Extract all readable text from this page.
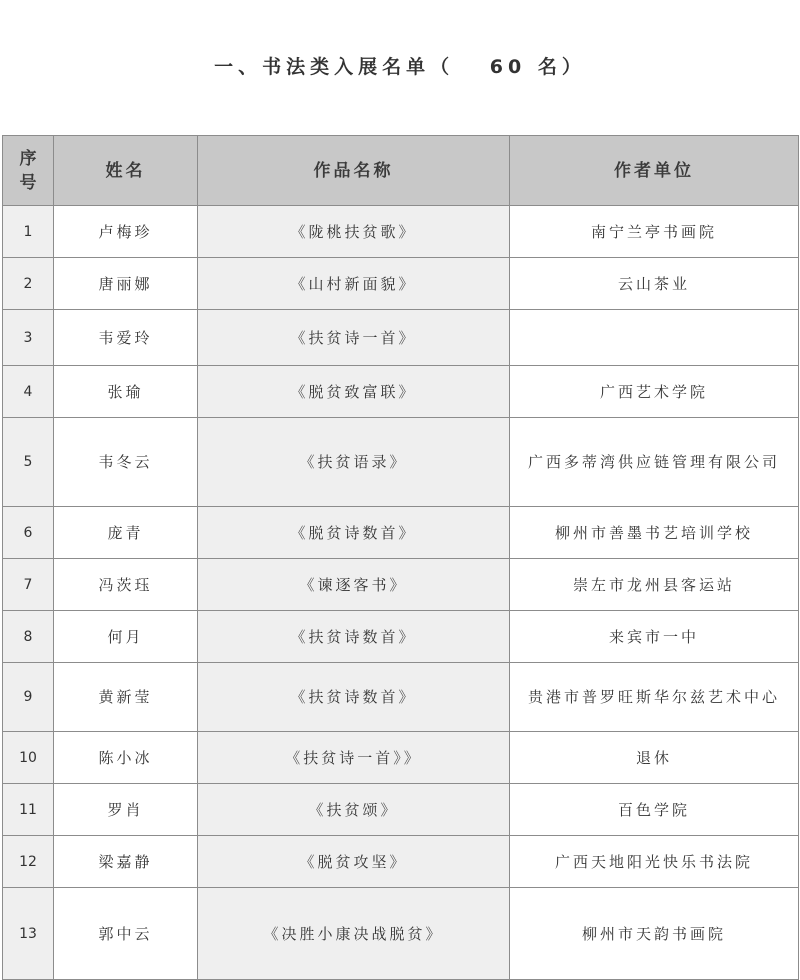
一、书法类入展名单（　 60 名）
序号	姓名	作品名称	作者单位
1	卢梅珍	《陇桃扶贫歌》	南宁兰亭书画院
2	唐丽娜	《山村新面貌》	云山茶业
3	韦爱玲	《扶贫诗一首》	
4	张瑜	《脱贫致富联》	广西艺术学院
5	韦冬云	《扶贫语录》	广西多蒂湾供应链管理有限公司
6	庞青	《脱贫诗数首》	柳州市善墨书艺培训学校
7	冯茨珏	《谏逐客书》	崇左市龙州县客运站
8	何月	《扶贫诗数首》	来宾市一中
9	黄新莹	《扶贫诗数首》	贵港市普罗旺斯华尔兹艺术中心
10	陈小冰	《扶贫诗一首》》	退休
11	罗肖	《扶贫颂》	百色学院
12	梁嘉静	《脱贫攻坚》	广西天地阳光快乐书法院
13	郭中云	《决胜小康决战脱贫》	柳州市天韵书画院
